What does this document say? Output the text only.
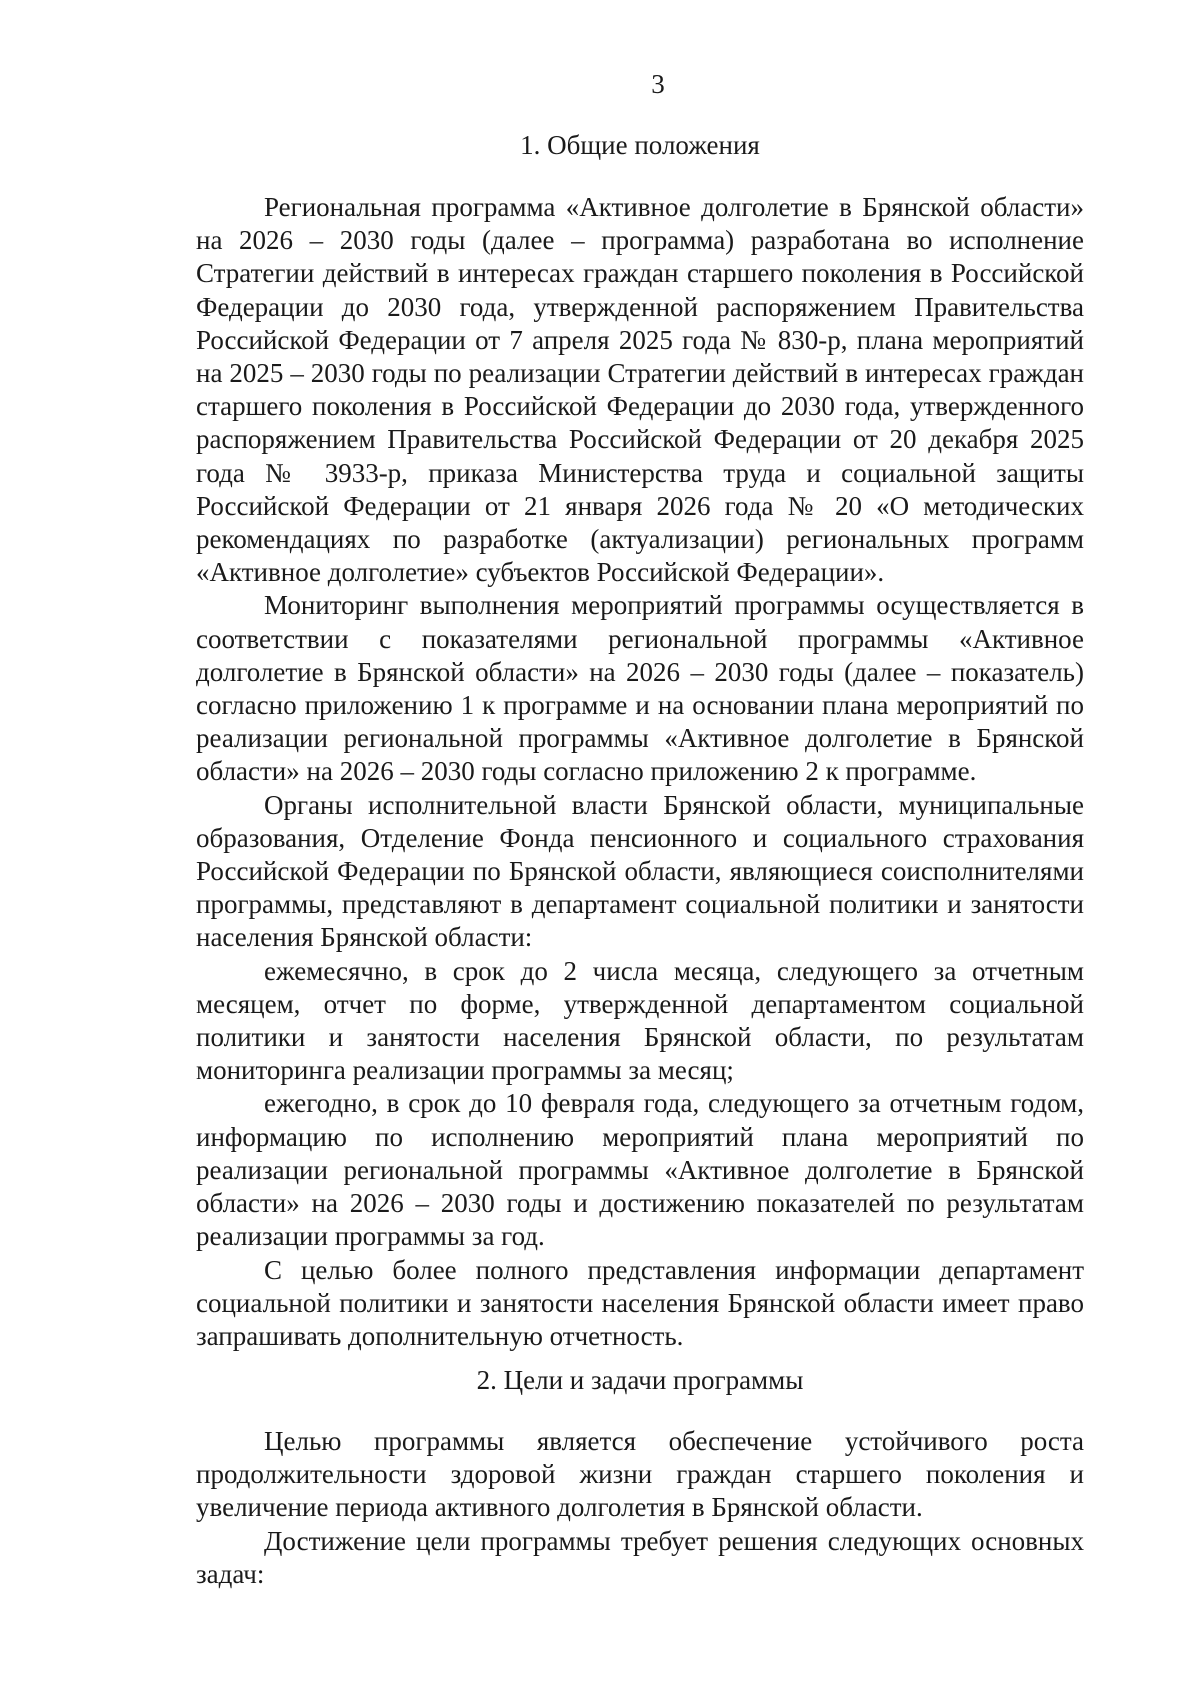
3
1. Общие положения

Региональная программа «Активное долголетие в Брянской области» на 2026 – 2030 годы (далее – программа) разработана во исполнение Стратегии действий в интересах граждан старшего поколения в Российской Федерации до 2030 года, утвержденной распоряжением Правительства Российской Федерации от 7 апреля 2025 года № 830-р, плана мероприятий на 2025 – 2030 годы по реализации Стратегии действий в интересах граждан старшего поколения в Российской Федерации до 2030 года, утвержденного распоряжением Правительства Российской Федерации от 20 декабря 2025 года № 3933-р, приказа Министерства труда и социальной защиты Российской Федерации от 21 января 2026 года № 20 «О методических рекомендациях по разработке (актуализации) региональных программ «Активное долголетие» субъектов Российской Федерации».

Мониторинг выполнения мероприятий программы осуществляется в соответствии с показателями региональной программы «Активное долголетие в Брянской области» на 2026 – 2030 годы (далее – показатель) согласно приложению 1 к программе и на основании плана мероприятий по реализации региональной программы «Активное долголетие в Брянской области» на 2026 – 2030 годы согласно приложению 2 к программе.

Органы исполнительной власти Брянской области, муниципальные образования, Отделение Фонда пенсионного и социального страхования Российской Федерации по Брянской области, являющиеся соисполнителями программы, представляют в департамент социальной политики и занятости населения Брянской области:

ежемесячно, в срок до 2 числа месяца, следующего за отчетным месяцем, отчет по форме, утвержденной департаментом социальной политики и занятости населения Брянской области, по результатам мониторинга реализации программы за месяц;

ежегодно, в срок до 10 февраля года, следующего за отчетным годом, информацию по исполнению мероприятий плана мероприятий по реализации региональной программы «Активное долголетие в Брянской области» на 2026 – 2030 годы и достижению показателей по результатам реализации программы за год.

С целью более полного представления информации департамент социальной политики и занятости населения Брянской области имеет право запрашивать дополнительную отчетность.

2. Цели и задачи программы

Целью программы является обеспечение устойчивого роста продолжительности здоровой жизни граждан старшего поколения и увеличение периода активного долголетия в Брянской области.

Достижение цели программы требует решения следующих основных задач:
